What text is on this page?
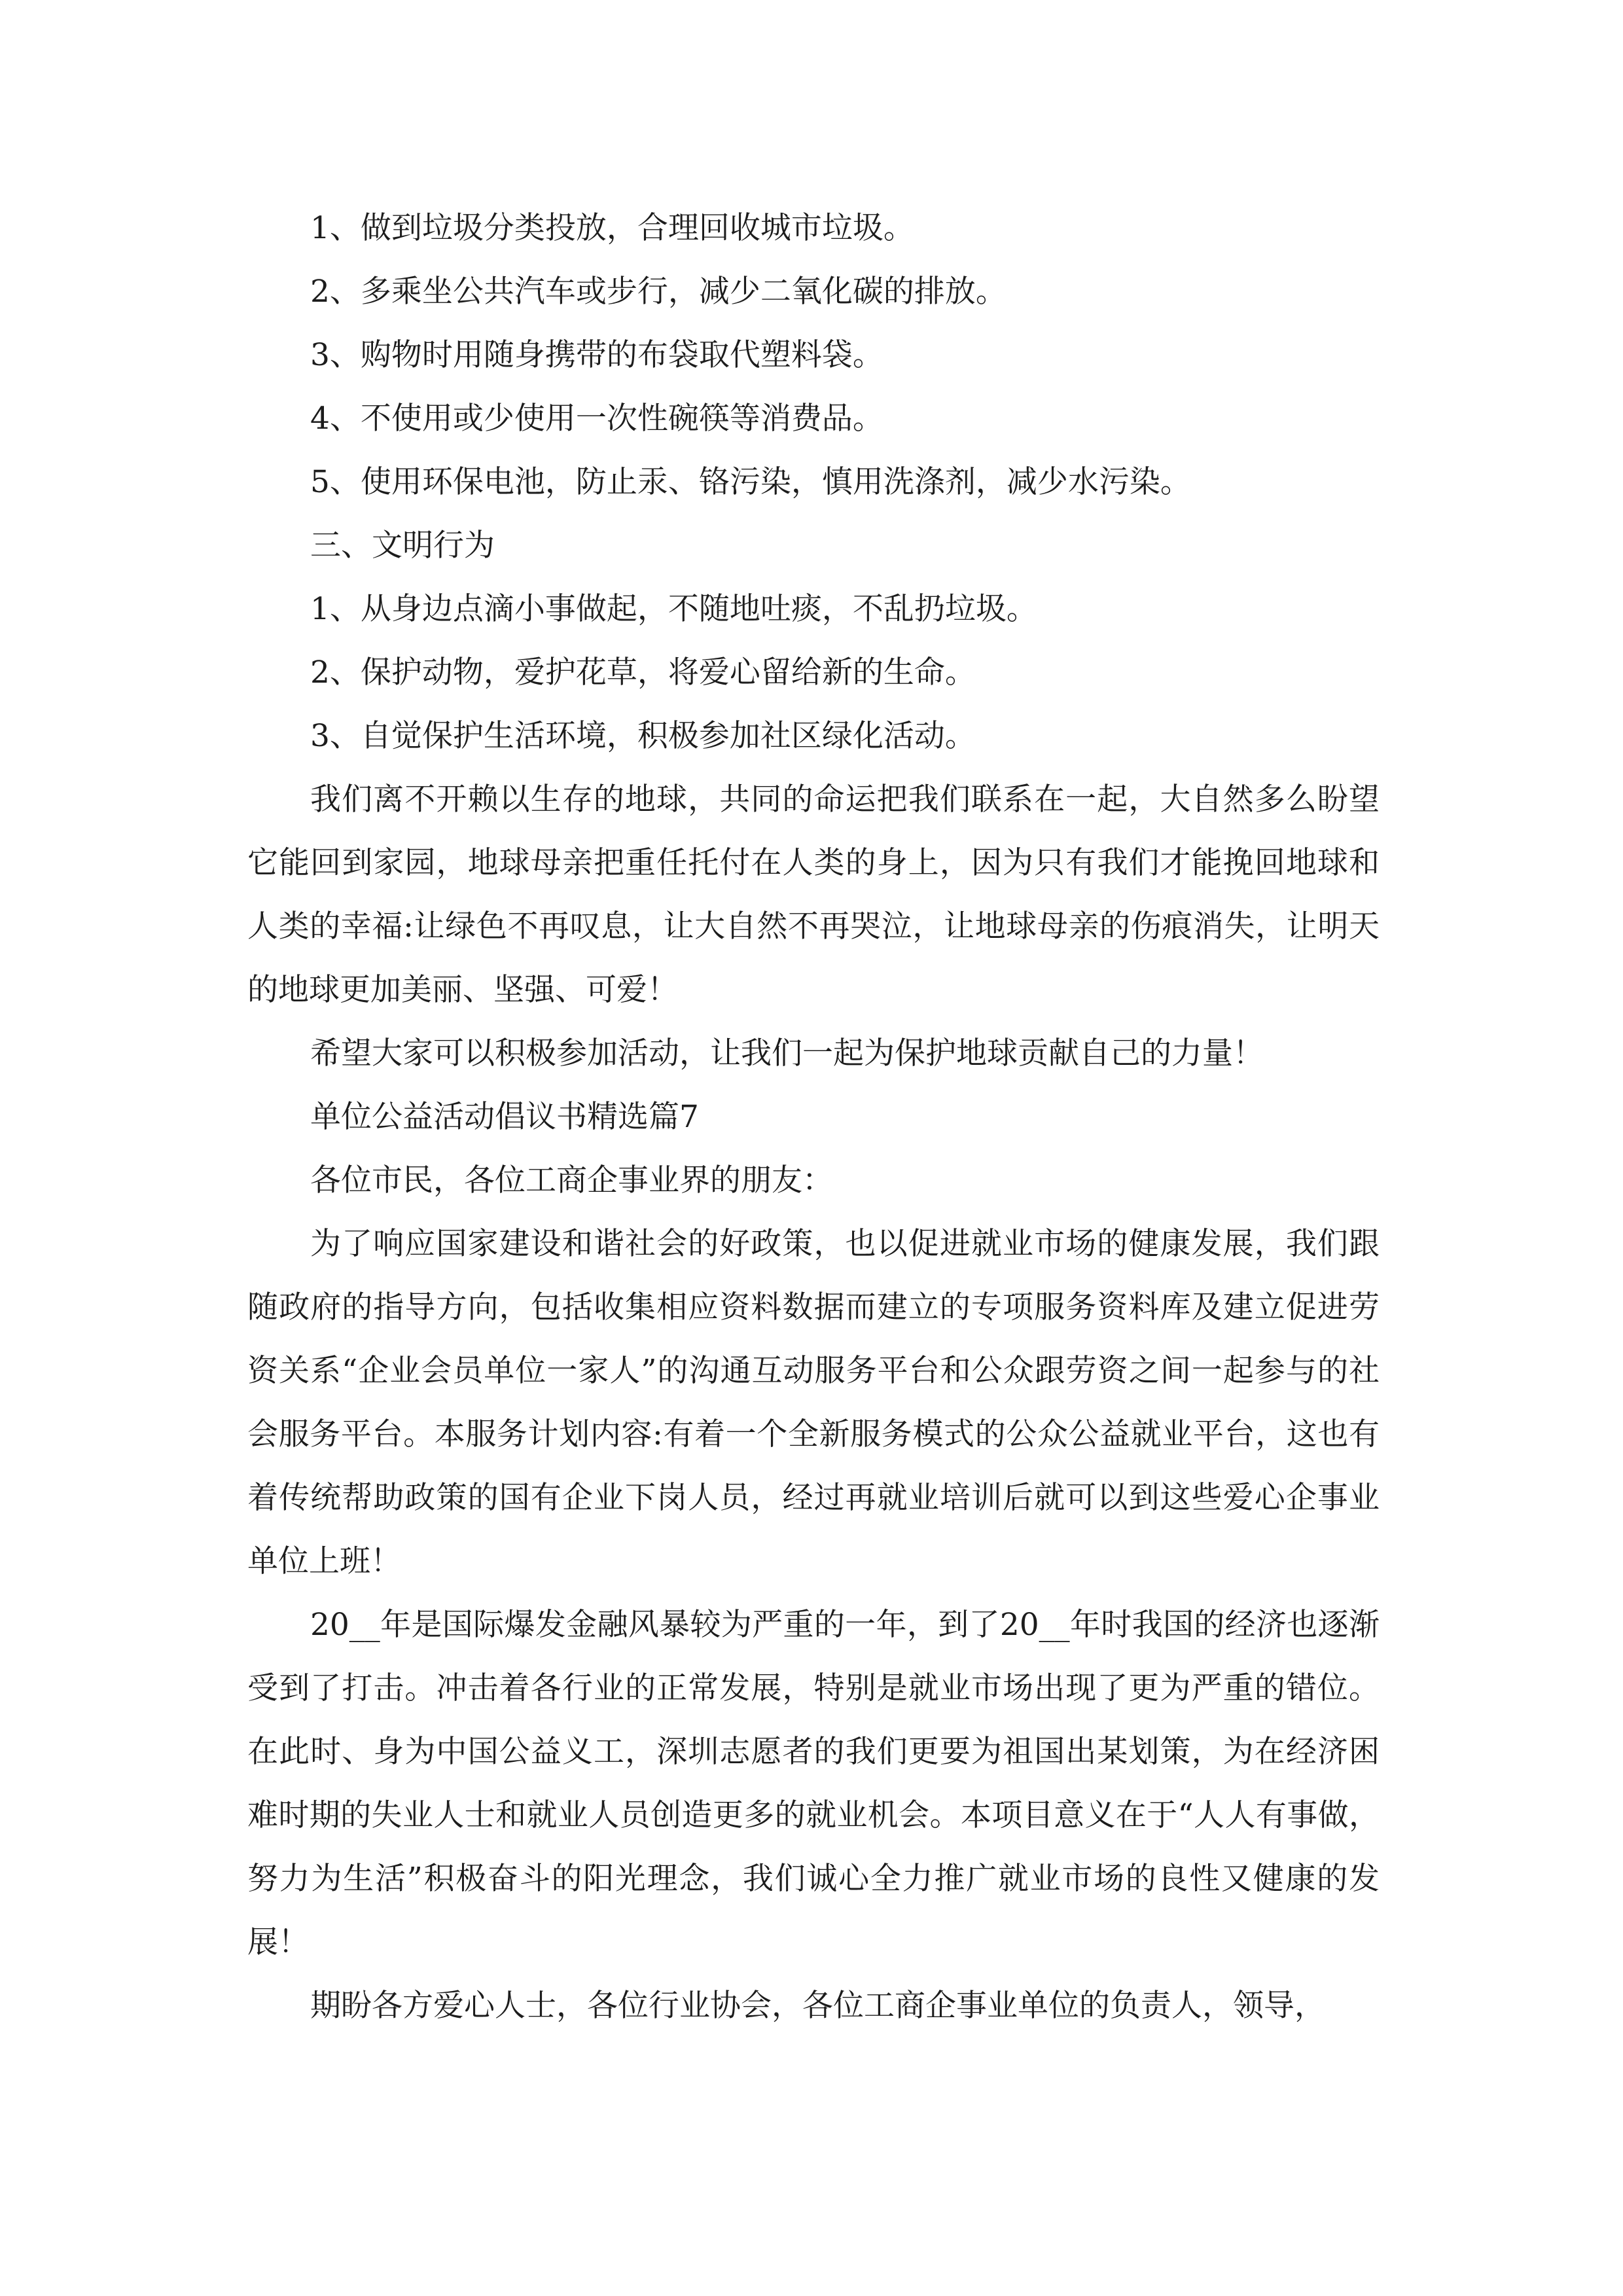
1、做到垃圾分类投放，合理回收城市垃圾。
2、多乘坐公共汽车或步行，减少二氧化碳的排放。
3、购物时用随身携带的布袋取代塑料袋。
4、不使用或少使用一次性碗筷等消费品。
5、使用环保电池，防止汞、铬污染，慎用洗涤剂，减少水污染。
三、文明行为
1、从身边点滴小事做起，不随地吐痰，不乱扔垃圾。
2、保护动物，爱护花草，将爱心留给新的生命。
3、自觉保护生活环境，积极参加社区绿化活动。

我们离不开赖以生存的地球，共同的命运把我们联系在一起，大自然多么盼望它能回到家园，地球母亲把重任托付在人类的身上，因为只有我们才能挽回地球和人类的幸福:让绿色不再叹息，让大自然不再哭泣，让地球母亲的伤痕消失，让明天的地球更加美丽、坚强、可爱！

希望大家可以积极参加活动，让我们一起为保护地球贡献自己的力量！

单位公益活动倡议书精选篇7
各位市民，各位工商企事业界的朋友：

为了响应国家建设和谐社会的好政策，也以促进就业市场的健康发展，我们跟随政府的指导方向，包括收集相应资料数据而建立的专项服务资料库及建立促进劳资关系“企业会员单位一家人”的沟通互动服务平台和公众跟劳资之间一起参与的社会服务平台。本服务计划内容:有着一个全新服务模式的公众公益就业平台，这也有着传统帮助政策的国有企业下岗人员，经过再就业培训后就可以到这些爱心企事业单位上班！

20__年是国际爆发金融风暴较为严重的一年，到了20__年时我国的经济也逐渐受到了打击。冲击着各行业的正常发展，特别是就业市场出现了更为严重的错位。在此时、身为中国公益义工，深圳志愿者的我们更要为祖国出某划策，为在经济困难时期的失业人士和就业人员创造更多的就业机会。本项目意义在于“人人有事做，努力为生活”积极奋斗的阳光理念，我们诚心全力推广就业市场的良性又健康的发展！

期盼各方爱心人士，各位行业协会，各位工商企事业单位的负责人，领导，
